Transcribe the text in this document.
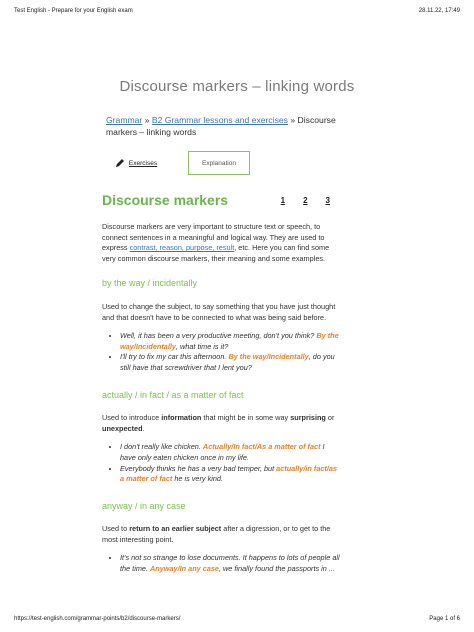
Test English - Prepare for your English exam	28.11.22, 17:49
Discourse markers – linking words
Grammar » B2 Grammar lessons and exercises » Discourse markers – linking words
Exercises	Explanation
Discourse markers	1 2 3

Discourse markers are very important to structure text or speech, to connect sentences in a meaningful and logical way. They are used to express contrast, reason, purpose, result, etc. Here you can find some very common discourse markers, their meaning and some examples.

by the way / incidentally

Used to change the subject, to say something that you have just thought and that doesn't have to be connected to what was being said before.

• Well, it has been a very productive meeting, don't you think? By the way/Incidentally, what time is it?
• I'll try to fix my car this afternoon. By the way/Incidentally, do you still have that screwdriver that I lent you?

actually / in fact / as a matter of fact

Used to introduce information that might be in some way surprising or unexpected.

• I don't really like chicken. Actually/In fact/As a matter of fact I have only eaten chicken once in my life.
• Everybody thinks he has a very bad temper, but actually/in fact/as a matter of fact he is very kind.

anyway / in any case

Used to return to an earlier subject after a digression, or to get to the most interesting point.

• It's not so strange to lose documents. It happens to lots of people all the time. Anyway/In any case, we finally found the passports in ...
https://test-english.com/grammar-points/b2/discourse-markers/	Page 1 of 6
